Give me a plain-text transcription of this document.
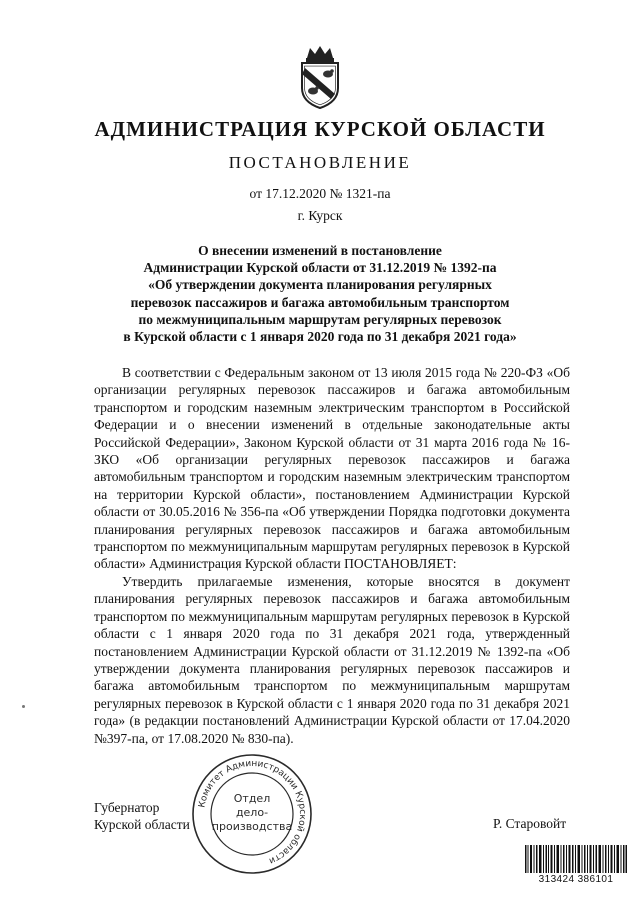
АДМИНИСТРАЦИЯ КУРСКОЙ ОБЛАСТИ
ПОСТАНОВЛЕНИЕ
от 17.12.2020 № 1321-па
г. Курск
О внесении изменений в постановление
Администрации Курской области от 31.12.2019 № 1392-па
«Об утверждении документа планирования регулярных
перевозок пассажиров и багажа автомобильным транспортом
по межмуниципальным маршрутам регулярных перевозок
в Курской области с 1 января 2020 года по 31 декабря 2021 года»

В соответствии с Федеральным законом от 13 июля 2015 года № 220-ФЗ «Об организации регулярных перевозок пассажиров и багажа автомобильным транспортом и городским наземным электрическим транспортом в Российской Федерации и о внесении изменений в отдельные законодательные акты Российской Федерации», Законом Курской области от 31 марта 2016 года № 16-ЗКО «Об организации регулярных перевозок пассажиров и багажа автомобильным транспортом и городским наземным электрическим транспортом на территории Курской области», постановлением Администрации Курской области от 30.05.2016 № 356-па «Об утверждении Порядка подготовки документа планирования регулярных перевозок пассажиров и багажа автомобильным транспортом по межмуниципальным маршрутам регулярных перевозок в Курской области» Администрация Курской области ПОСТАНОВЛЯЕТ:

Утвердить прилагаемые изменения, которые вносятся в документ планирования регулярных перевозок пассажиров и багажа автомобильным транспортом по межмуниципальным маршрутам регулярных перевозок в Курской области с 1 января 2020 года по 31 декабря 2021 года, утвержденный постановлением Администрации Курской области от 31.12.2019 № 1392-па «Об утверждении документа планирования регулярных перевозок пассажиров и багажа автомобильным транспортом по межмуниципальным маршрутам регулярных перевозок в Курской области с 1 января 2020 года по 31 декабря 2021 года» (в редакции постановлений Администрации Курской области от 17.04.2020 №397-па, от 17.08.2020 № 830-па).

Губернатор
Курской области	Р. Старовойт
Комитет Администрации Курской области
Отдел
дело-
производства
313424 386101
